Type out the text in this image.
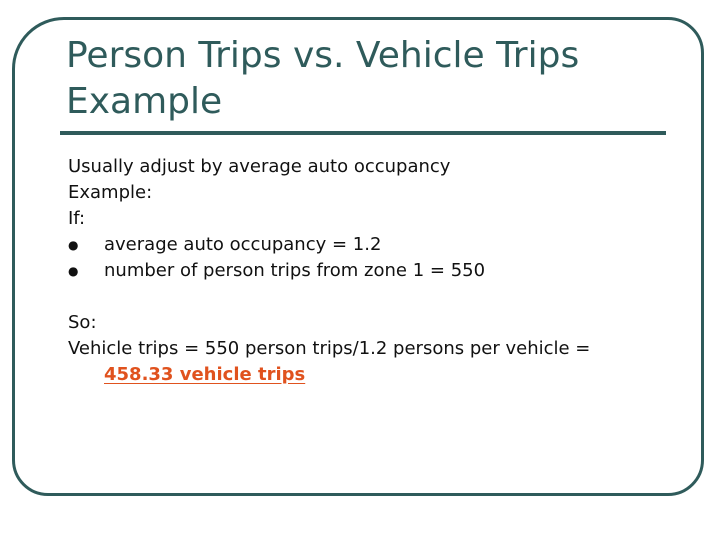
Person Trips vs. Vehicle Trips
Example
Usually adjust by average auto occupancy
Example:
If:
● average auto occupancy = 1.2
● number of person trips from zone 1 = 550
So:
Vehicle trips = 550 person trips/1.2 persons per vehicle =
458.33 vehicle trips
